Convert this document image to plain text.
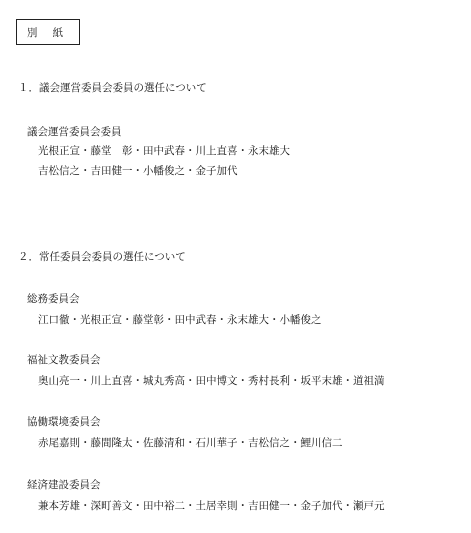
別 紙
１．議会運営委員会委員の選任について
議会運営委員会委員
光根正宣・藤堂　彰・田中武春・川上直喜・永末雄大
吉松信之・吉田健一・小幡俊之・金子加代
２．常任委員会委員の選任について
総務委員会
江口徹・光根正宣・藤堂彰・田中武春・永末雄大・小幡俊之
福祉文教委員会
奥山亮一・川上直喜・城丸秀高・田中博文・秀村長利・坂平末雄・道祖満
協働環境委員会
赤尾嘉則・藤間隆太・佐藤清和・石川華子・吉松信之・鯉川信二
経済建設委員会
兼本芳雄・深町善文・田中裕二・土居幸則・吉田健一・金子加代・瀬戸元
